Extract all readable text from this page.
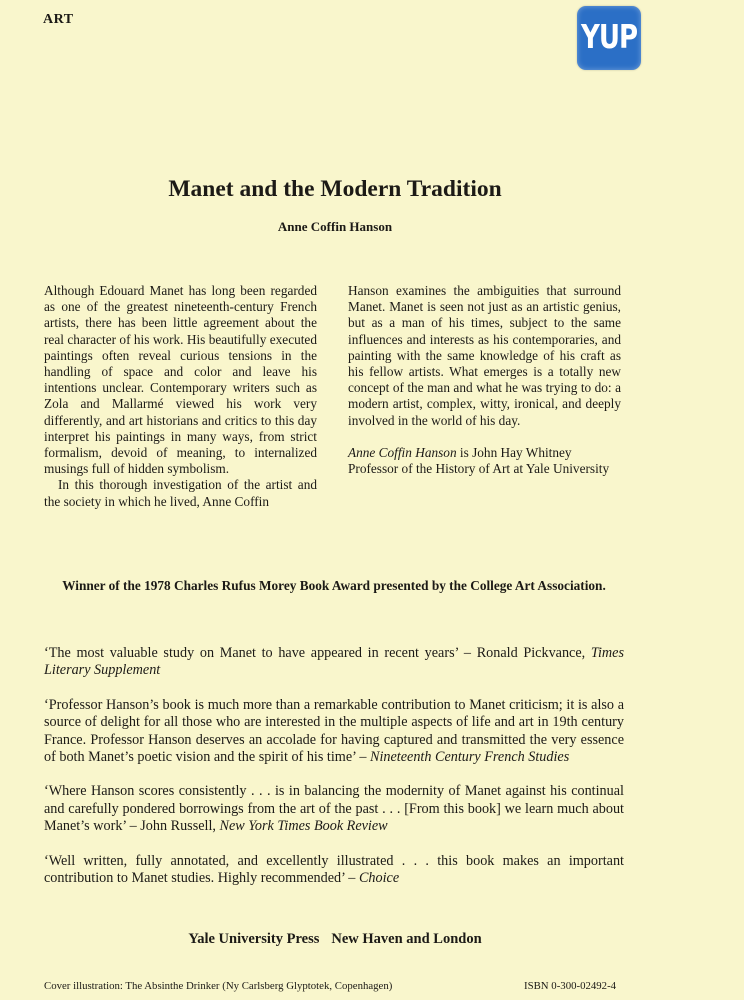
ART	YUP
Manet and the Modern Tradition
Anne Coffin Hanson

Although Edouard Manet has long been regarded as one of the greatest nineteenth-century French artists, there has been little agreement about the real character of his work. His beautifully executed paintings often reveal curious tensions in the handling of space and color and leave his intentions unclear. Contemporary writers such as Zola and Mallarmé viewed his work very differently, and art historians and critics to this day interpret his paintings in many ways, from strict formalism, devoid of meaning, to internalized musings full of hidden symbolism.

In this thorough investigation of the artist and the society in which he lived, Anne Coffin

Hanson examines the ambiguities that surround Manet. Manet is seen not just as an artistic genius, but as a man of his times, subject to the same influences and interests as his contemporaries, and painting with the same knowledge of his craft as his fellow artists. What emerges is a totally new concept of the man and what he was trying to do: a modern artist, complex, witty, ironical, and deeply involved in the world of his day.

Anne Coffin Hanson is John Hay Whitney Professor of the History of Art at Yale University

Winner of the 1978 Charles Rufus Morey Book Award presented by the College Art Association.

‘The most valuable study on Manet to have appeared in recent years’ – Ronald Pickvance, Times Literary Supplement

‘Professor Hanson’s book is much more than a remarkable contribution to Manet criticism; it is also a source of delight for all those who are interested in the multiple aspects of life and art in 19th century France. Professor Hanson deserves an accolade for having captured and transmitted the very essence of both Manet’s poetic vision and the spirit of his time’ – Nineteenth Century French Studies

‘Where Hanson scores consistently . . . is in balancing the modernity of Manet against his continual and carefully pondered borrowings from the art of the past . . . [From this book] we learn much about Manet’s work’ – John Russell, New York Times Book Review

‘Well written, fully annotated, and excellently illustrated . . . this book makes an important contribution to Manet studies. Highly recommended’ – Choice

Yale University Press New Haven and London
Cover illustration: The Absinthe Drinker (Ny Carlsberg Glyptotek, Copenhagen)	ISBN 0-300-02492-4
